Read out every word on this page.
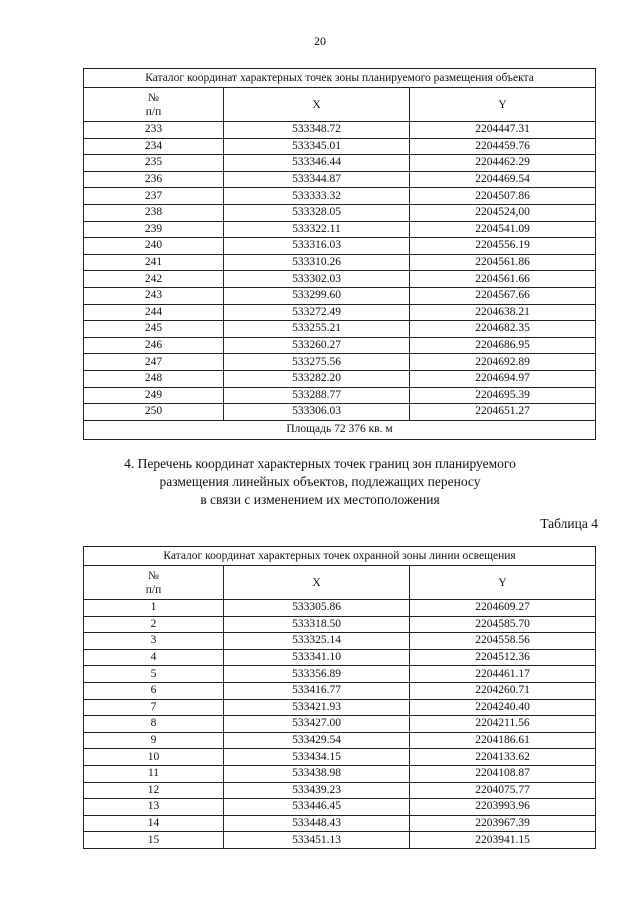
20
Каталог координат характерных точек зоны планируемого размещения объекта		
№
п/п	X	Y
233	533348.72	2204447.31
234	533345.01	2204459.76
235	533346.44	2204462.29
236	533344.87	2204469.54
237	533333.32	2204507.86
238	533328.05	2204524,00
239	533322.11	2204541.09
240	533316.03	2204556.19
241	533310.26	2204561.86
242	533302.03	2204561.66
243	533299.60	2204567.66
244	533272.49	2204638.21
245	533255.21	2204682.35
246	533260.27	2204686.95
247	533275.56	2204692.89
248	533282.20	2204694.97
249	533288.77	2204695.39
250	533306.03	2204651.27
Площадь 72 376 кв. м		
4. Перечень координат характерных точек границ зон планируемого
размещения линейных объектов, подлежащих переносу
в связи с изменением их местоположения
Таблица 4
Каталог координат характерных точек охранной зоны линии освещения		
№
п/п	X	Y
1	533305.86	2204609.27
2	533318.50	2204585.70
3	533325.14	2204558.56
4	533341.10	2204512.36
5	533356.89	2204461.17
6	533416.77	2204260.71
7	533421.93	2204240.40
8	533427.00	2204211.56
9	533429.54	2204186.61
10	533434.15	2204133.62
11	533438.98	2204108.87
12	533439.23	2204075.77
13	533446.45	2203993.96
14	533448.43	2203967.39
15	533451.13	2203941.15
